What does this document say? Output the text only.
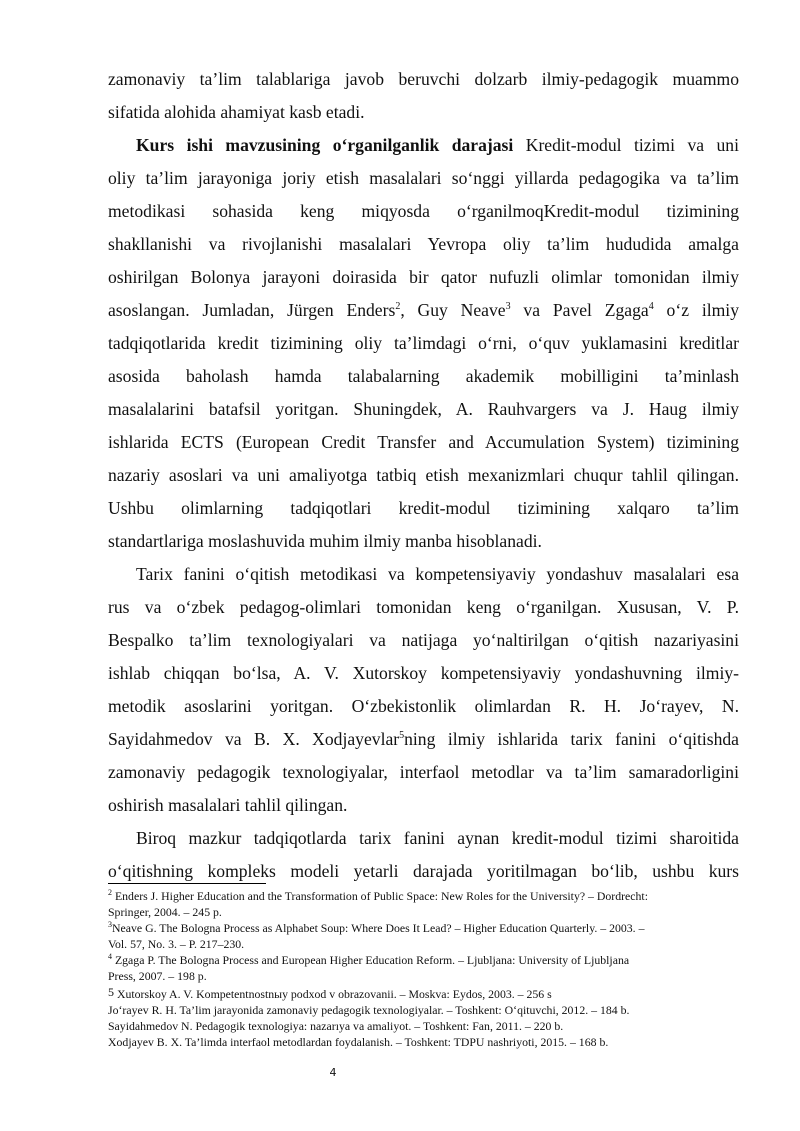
zamonaviy ta’lim talablariga javob beruvchi dolzarb ilmiy-pedagogik muammo
sifatida alohida ahamiyat kasb etadi.
Kurs ishi mavzusining o‘rganilganlik darajasi Kredit-modul tizimi va uni
oliy ta’lim jarayoniga joriy etish masalalari so‘nggi yillarda pedagogika va ta’lim
metodikasi sohasida keng miqyosda o‘rganilmoqKredit-modul tizimining
shakllanishi va rivojlanishi masalalari Yevropa oliy ta’lim hududida amalga
oshirilgan Bolonya jarayoni doirasida bir qator nufuzli olimlar tomonidan ilmiy
asoslangan. Jumladan, Jürgen Enders$^2$, Guy Neave$^3$ va Pavel Zgaga$^4$ o‘z ilmiy
tadqiqotlarida kredit tizimining oliy ta’limdagi o‘rni, o‘quv yuklamasini kreditlar
asosida baholash hamda talabalarning akademik mobilligini ta’minlash
masalalarini batafsil yoritgan. Shuningdek, A. Rauhvargers va J. Haug ilmiy
ishlarida ECTS (European Credit Transfer and Accumulation System) tizimining
nazariy asoslari va uni amaliyotga tatbiq etish mexanizmlari chuqur tahlil qilingan.
Ushbu olimlarning tadqiqotlari kredit-modul tizimining xalqaro ta’lim
standartlariga moslashuvida muhim ilmiy manba hisoblanadi.
Tarix fanini o‘qitish metodikasi va kompetensiyaviy yondashuv masalalari esa
rus va o‘zbek pedagog-olimlari tomonidan keng o‘rganilgan. Xususan, V. P.
Bespalko ta’lim texnologiyalari va natijaga yo‘naltirilgan o‘qitish nazariyasini
ishlab chiqqan bo‘lsa, A. V. Xutorskoy kompetensiyaviy yondashuvning ilmiy-
metodik asoslarini yoritgan. O‘zbekistonlik olimlardan R. H. Jo‘rayev, N.
Sayidahmedov va B. X. Xodjayevlar$^5$ning ilmiy ishlarida tarix fanini o‘qitishda
zamonaviy pedagogik texnologiyalar, interfaol metodlar va ta’lim samaradorligini
oshirish masalalari tahlil qilingan.
Biroq mazkur tadqiqotlarda tarix fanini aynan kredit-modul tizimi sharoitida
o‘qitishning kompleks modeli yetarli darajada yoritilmagan bo‘lib, ushbu kurs
$^2$ Enders J. Higher Education and the Transformation of Public Space: New Roles for the University? – Dordrecht:
Springer, 2004. – 245 p.
$^3$Neave G. The Bologna Process as Alphabet Soup: Where Does It Lead? – Higher Education Quarterly. – 2003. –
Vol. 57, No. 3. – P. 217–230.
$^4$ Zgaga P. The Bologna Process and European Higher Education Reform. – Ljubljana: University of Ljubljana
Press, 2007. – 198 p.
5 Xutorskoy A. V. Kompetentnostnыy podxod v obrazovanii. – Moskva: Eydos, 2003. – 256 s
Jo‘rayev R. H. Ta’lim jarayonida zamonaviy pedagogik texnologiyalar. – Toshkent: O‘qituvchi, 2012. – 184 b.
Sayidahmedov N. Pedagogik texnologiya: nazarıya va amaliyot. – Toshkent: Fan, 2011. – 220 b.
Xodjayev B. X. Ta’limda interfaol metodlardan foydalanish. – Toshkent: TDPU nashriyoti, 2015. – 168 b.
4
